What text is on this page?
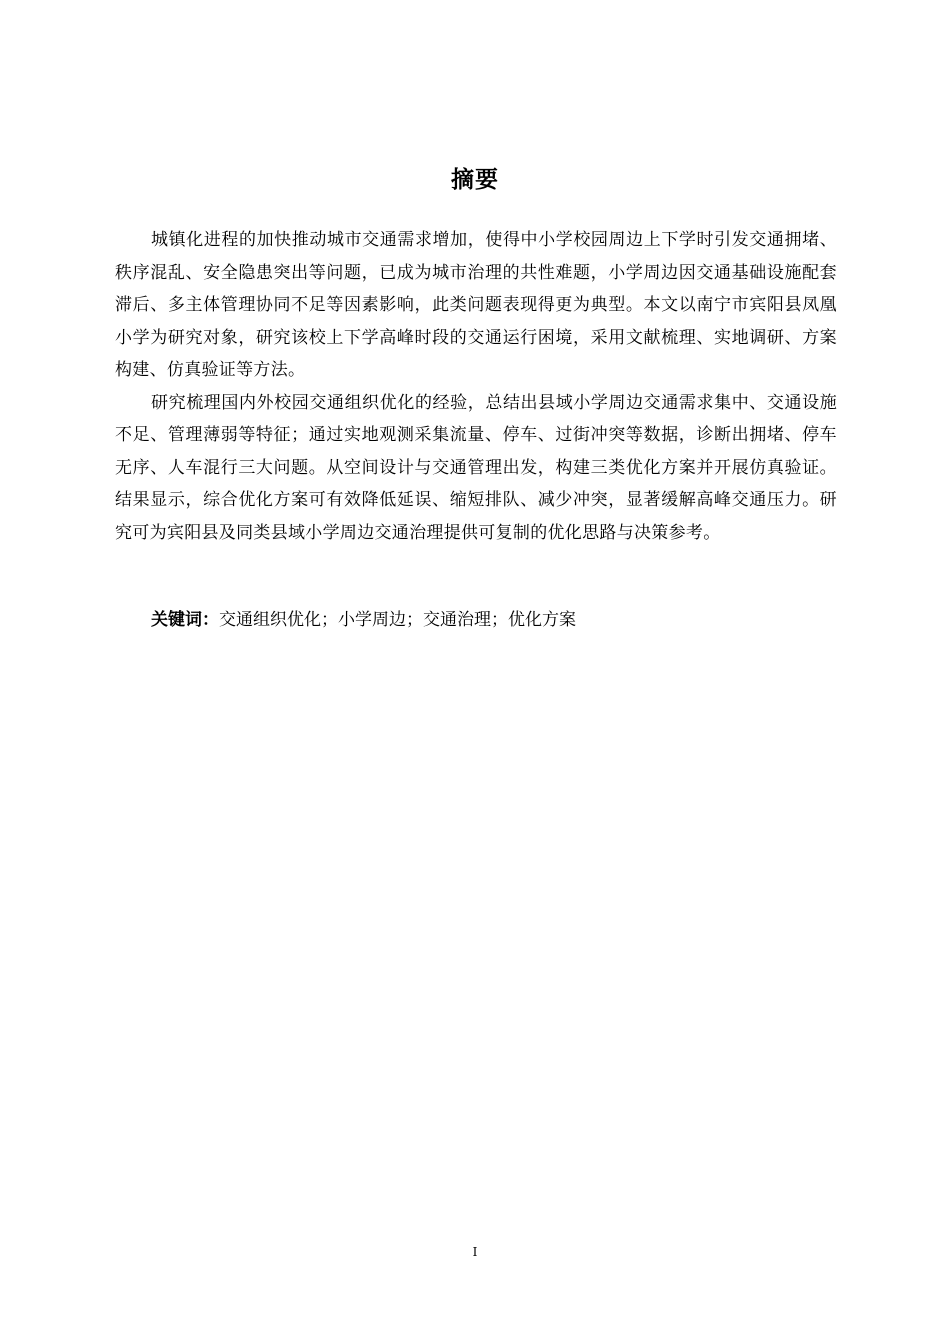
摘要

城镇化进程的加快推动城市交通需求增加，使得中小学校园周边上下学时引发交通拥堵、秩序混乱、安全隐患突出等问题，已成为城市治理的共性难题，小学周边因交通基础设施配套滞后、多主体管理协同不足等因素影响，此类问题表现得更为典型。本文以南宁市宾阳县凤凰小学为研究对象，研究该校上下学高峰时段的交通运行困境，采用文献梳理、实地调研、方案构建、仿真验证等方法。

研究梳理国内外校园交通组织优化的经验，总结出县域小学周边交通需求集中、交通设施不足、管理薄弱等特征；通过实地观测采集流量、停车、过街冲突等数据，诊断出拥堵、停车无序、人车混行三大问题。从空间设计与交通管理出发，构建三类优化方案并开展仿真验证。结果显示，综合优化方案可有效降低延误、缩短排队、减少冲突，显著缓解高峰交通压力。研究可为宾阳县及同类县域小学周边交通治理提供可复制的优化思路与决策参考。

关键词：交通组织优化；小学周边；交通治理；优化方案
I
